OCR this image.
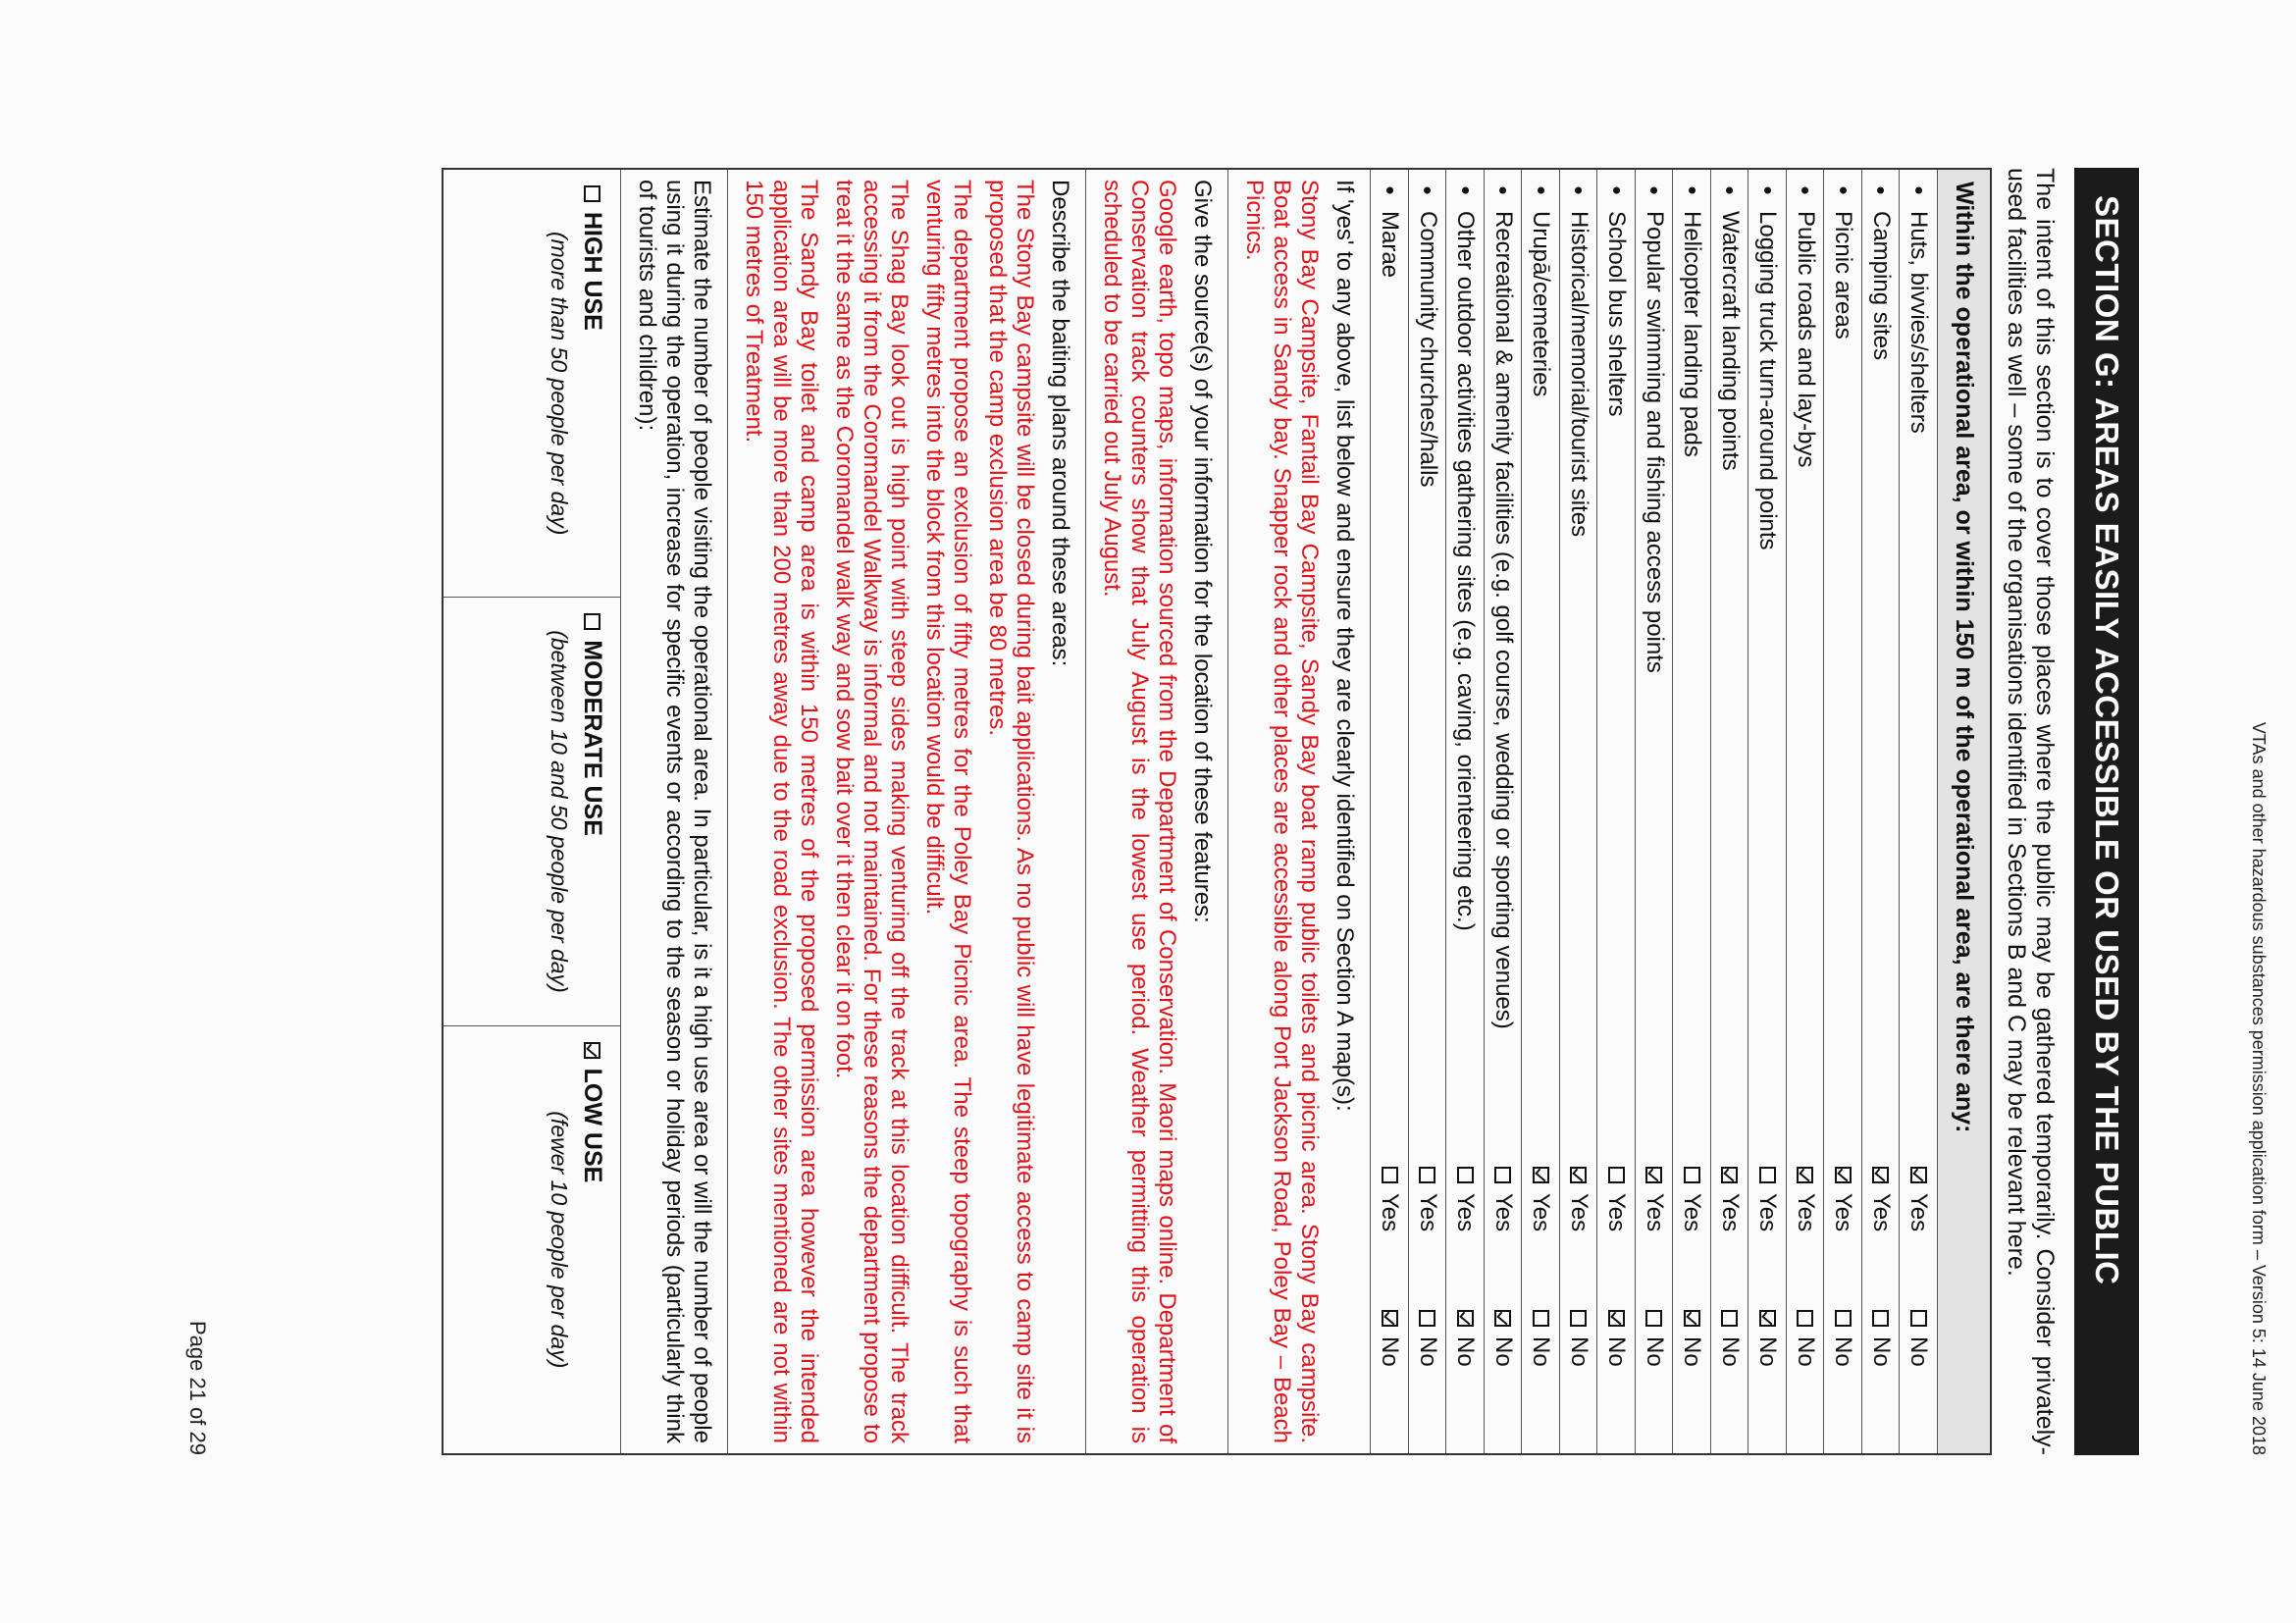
VTAs and other hazardous substances permission application form – Version 5: 14 June 2018
SECTION G: AREAS EASILY ACCESSIBLE OR USED BY THE PUBLIC
The intent of this section is to cover those places where the public may be gathered temporarily. Consider privately-used facilities as well – some of the organisations identified in Sections B and C may be relevant here.
Within the operational area, or within 150 m of the operational area, are there any:
•
Huts, bivvies/shelters
Yes
No
•
Camping sites
Yes
No
•
Picnic areas
Yes
No
•
Public roads and lay-bys
Yes
No
•
Logging truck turn-around points
Yes
No
•
Watercraft landing points
Yes
No
•
Helicopter landing pads
Yes
No
•
Popular swimming and fishing access points
Yes
No
•
School bus shelters
Yes
No
•
Historical/memorial/tourist sites
Yes
No
•
Urupā/cemeteries
Yes
No
•
Recreational & amenity facilities (e.g. golf course, wedding or sporting venues)
Yes
No
•
Other outdoor activities gathering sites (e.g. caving, orienteering etc.)
Yes
No
•
Community churches/halls
Yes
No
•
Marae
Yes
No

If 'yes' to any above, list below and ensure they are clearly identified on Section A map(s):

Stony Bay Campsite, Fantail Bay Campsite, Sandy Bay boat ramp public toilets and picnic area. Stony Bay campsite. Boat access in Sandy bay. Snapper rock and other places are accessible along Port Jackson Road, Poley Bay – Beach Picnics.

Give the source(s) of your information for the location of these features:

Google earth, topo maps, information sourced from the Department of Conservation. Maori maps online. Department of Conservation track counters show that July August is the lowest use period. Weather permitting this operation is scheduled to be carried out July August.

Describe the baiting plans around these areas:

The Stony Bay campsite will be closed during bait applications. As no public will have legitimate access to camp site it is proposed that the camp exclusion area be 80 metres.

The department propose an exclusion of fifty metres for the Poley Bay Picnic area. The steep topography is such that venturing fifty metres into the block from this location would be difficult.

The Shag Bay look out is high point with steep sides making venturing off the track at this location difficult. The track accessing it from the Coromandel Walkway is informal and not maintained. For these reasons the department propose to treat it the same as the Coromandel walk way and sow bait over it then clear it on foot.

The Sandy Bay toilet and camp area is within 150 metres of the proposed permission area however the intended application area will be more than 200 metres away due to the road exclusion. The other sites mentioned are not within 150 metres of Treatment.

Estimate the number of people visiting the operational area. In particular, is it a high use area or will the number of people using it during the operation, increase for specific events or according to the season or holiday periods (particularly think of tourists and children):
HIGH USE
(more than 50 people per day)
MODERATE USE
(between 10 and 50 people per day)
LOW USE
(fewer 10 people per day)
Page 21 of 29
